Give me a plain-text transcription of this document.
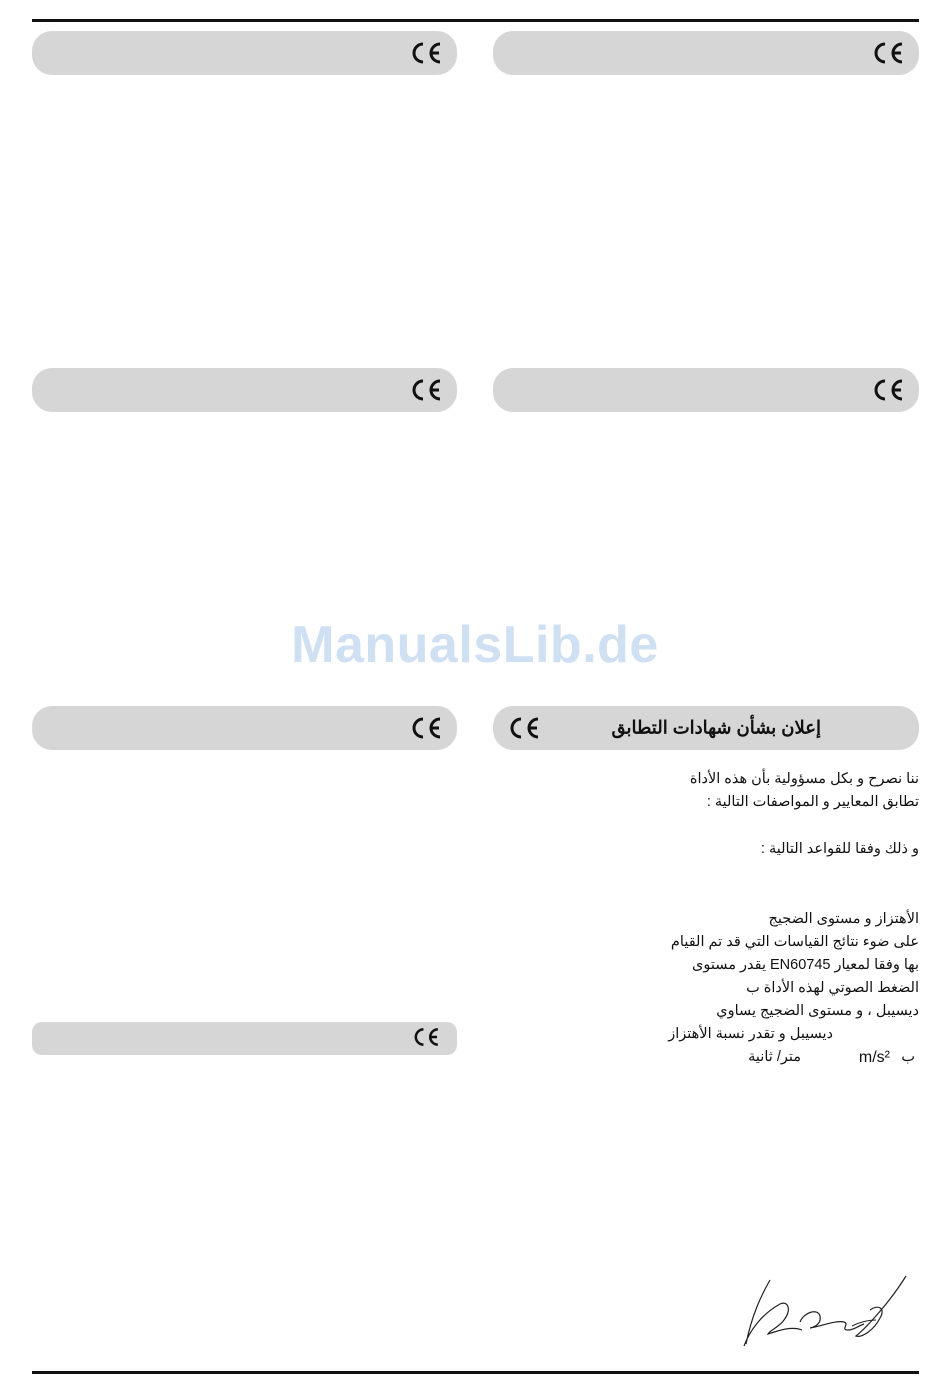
ManualsLib.de
إعلان بشأن شهادات التطابق
ننا نصرح و بكل مسؤولية بأن هذه الأداة
تطابق المعايير و المواصفات التالية :
و ذلك وفقا للقواعد التالية :
الأهتزاز و مستوى الضجيج
على ضوء نتائج القياسات التي قد تم القيام
بها وفقا لمعيار EN60745 يقدر مستوى
الضغط الصوتي لهذه الأداة ب
ديسيبل ، و مستوى الضجيج يساوي
ديسيبل و تقدر نسبة الأهتزاز
ب
m/s²
متر/ ثانية
